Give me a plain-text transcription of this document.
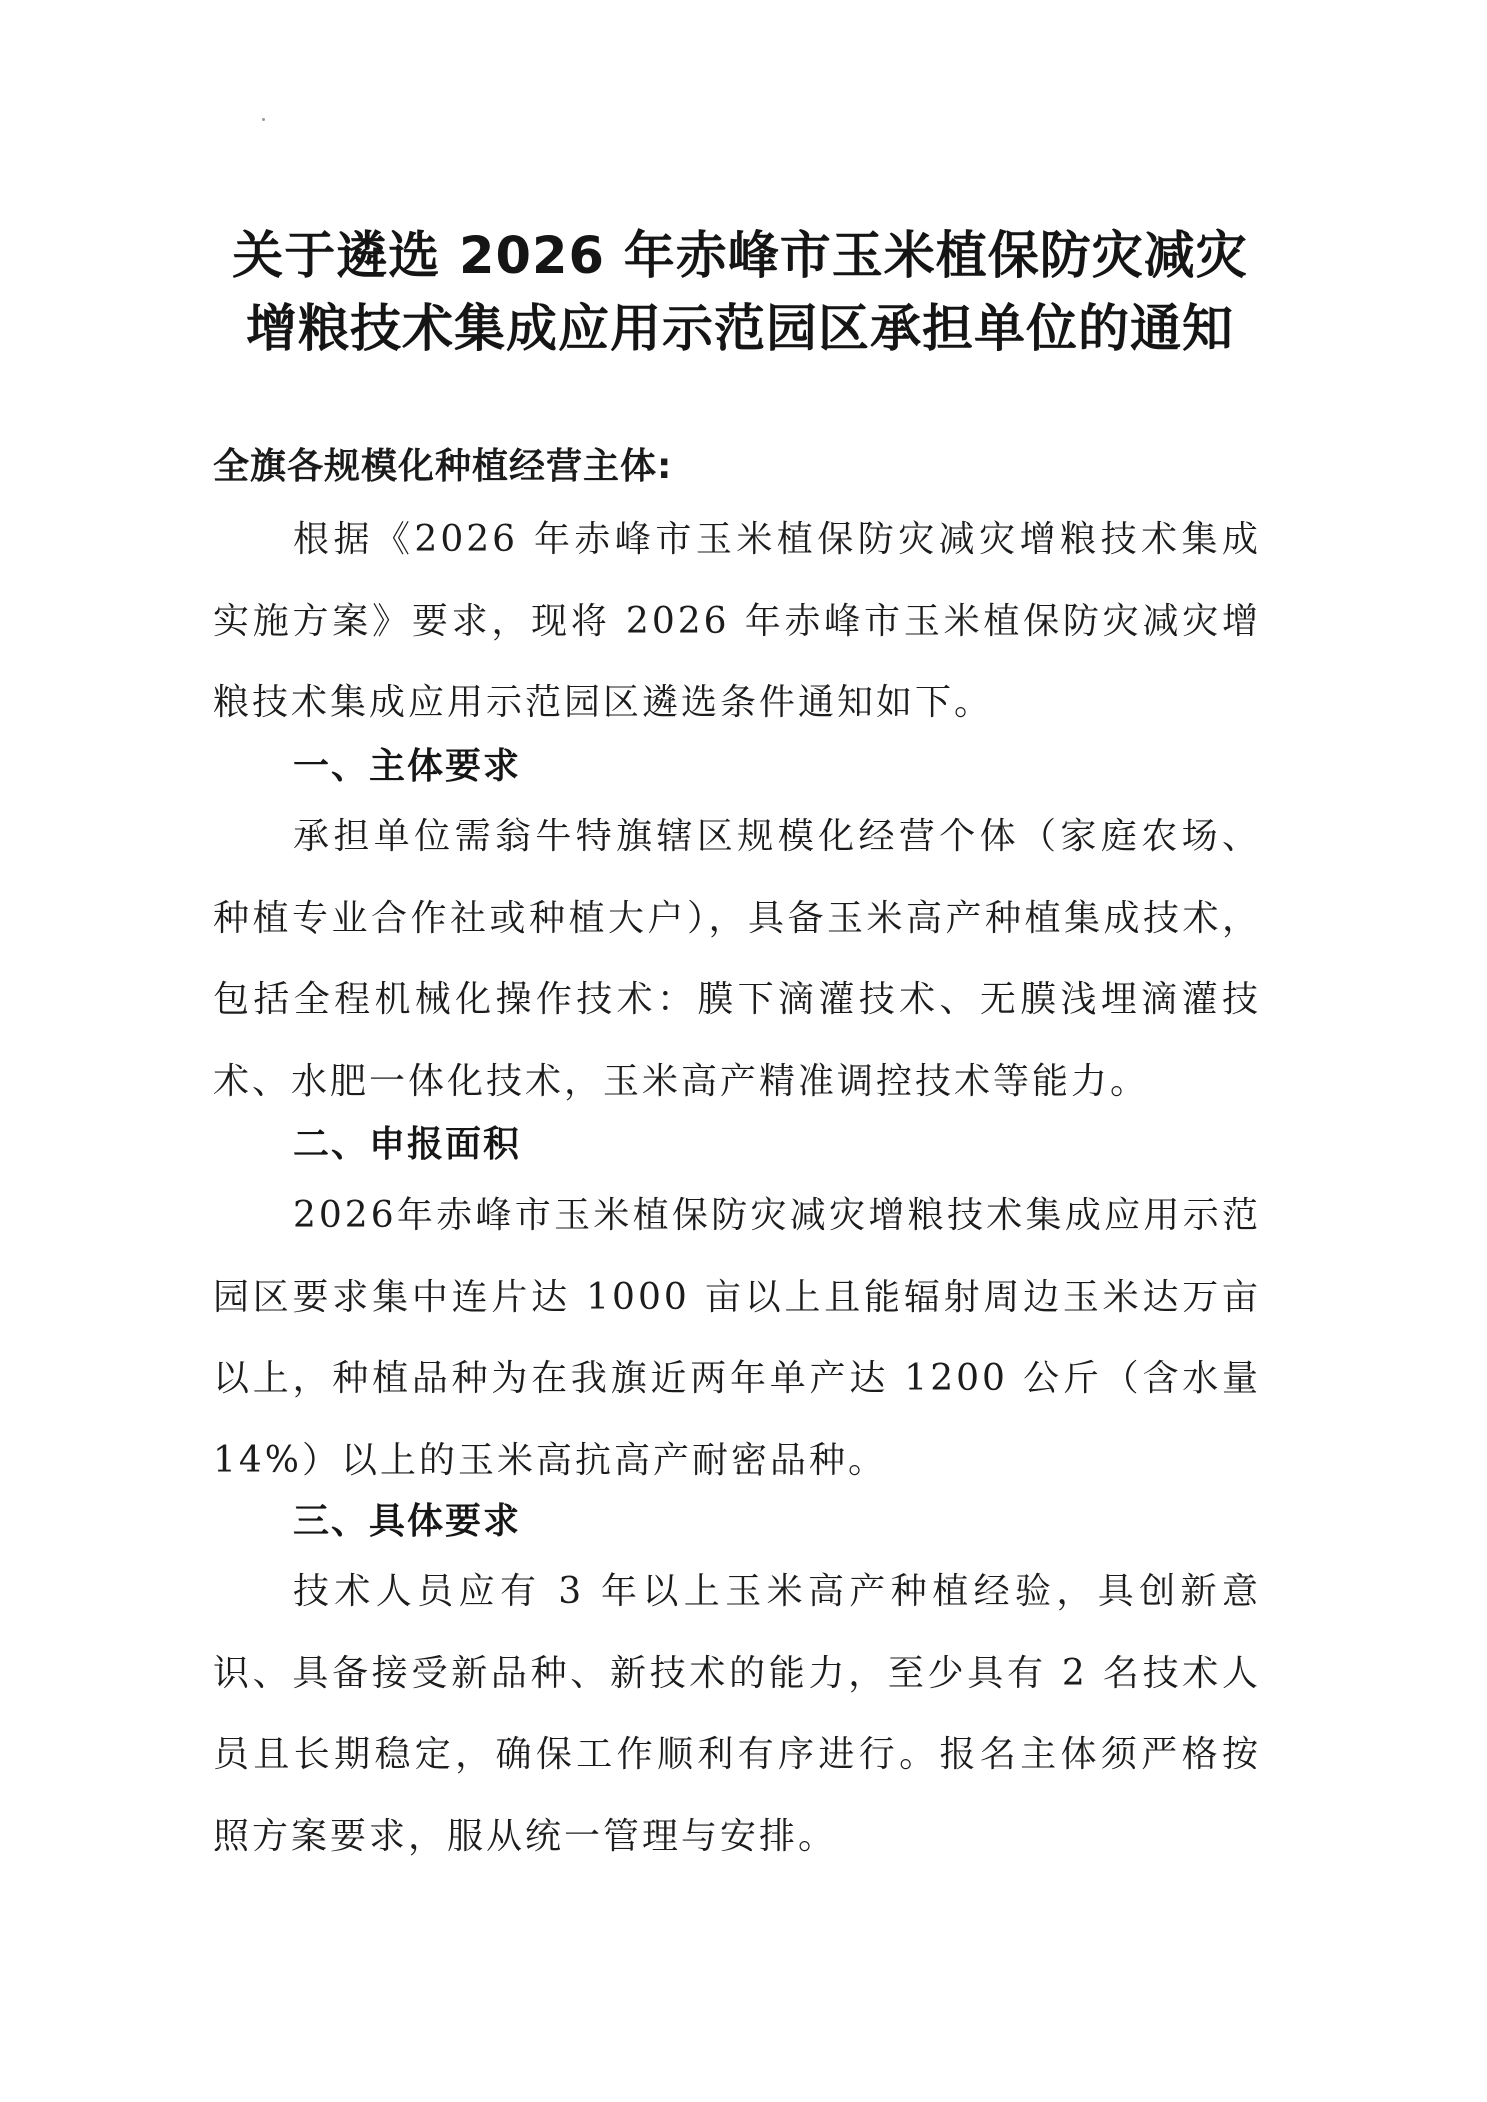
关于遴选 2026 年赤峰市玉米植保防灾减灾
增粮技术集成应用示范园区承担单位的通知
全旗各规模化种植经营主体:
根据《2026 年赤峰市玉米植保防灾减灾增粮技术集成实施方案》要求，现将 2026 年赤峰市玉米植保防灾减灾增粮技术集成应用示范园区遴选条件通知如下。
一、主体要求
承担单位需翁牛特旗辖区规模化经营个体（家庭农场、种植专业合作社或种植大户），具备玉米高产种植集成技术，包括全程机械化操作技术：膜下滴灌技术、无膜浅埋滴灌技术、水肥一体化技术，玉米高产精准调控技术等能力。
二、申报面积
2026年赤峰市玉米植保防灾减灾增粮技术集成应用示范园区要求集中连片达 1000 亩以上且能辐射周边玉米达万亩以上，种植品种为在我旗近两年单产达 1200 公斤（含水量 14%）以上的玉米高抗高产耐密品种。
三、具体要求
技术人员应有 3 年以上玉米高产种植经验，具创新意识、具备接受新品种、新技术的能力，至少具有 2 名技术人员且长期稳定，确保工作顺利有序进行。报名主体须严格按照方案要求，服从统一管理与安排。
